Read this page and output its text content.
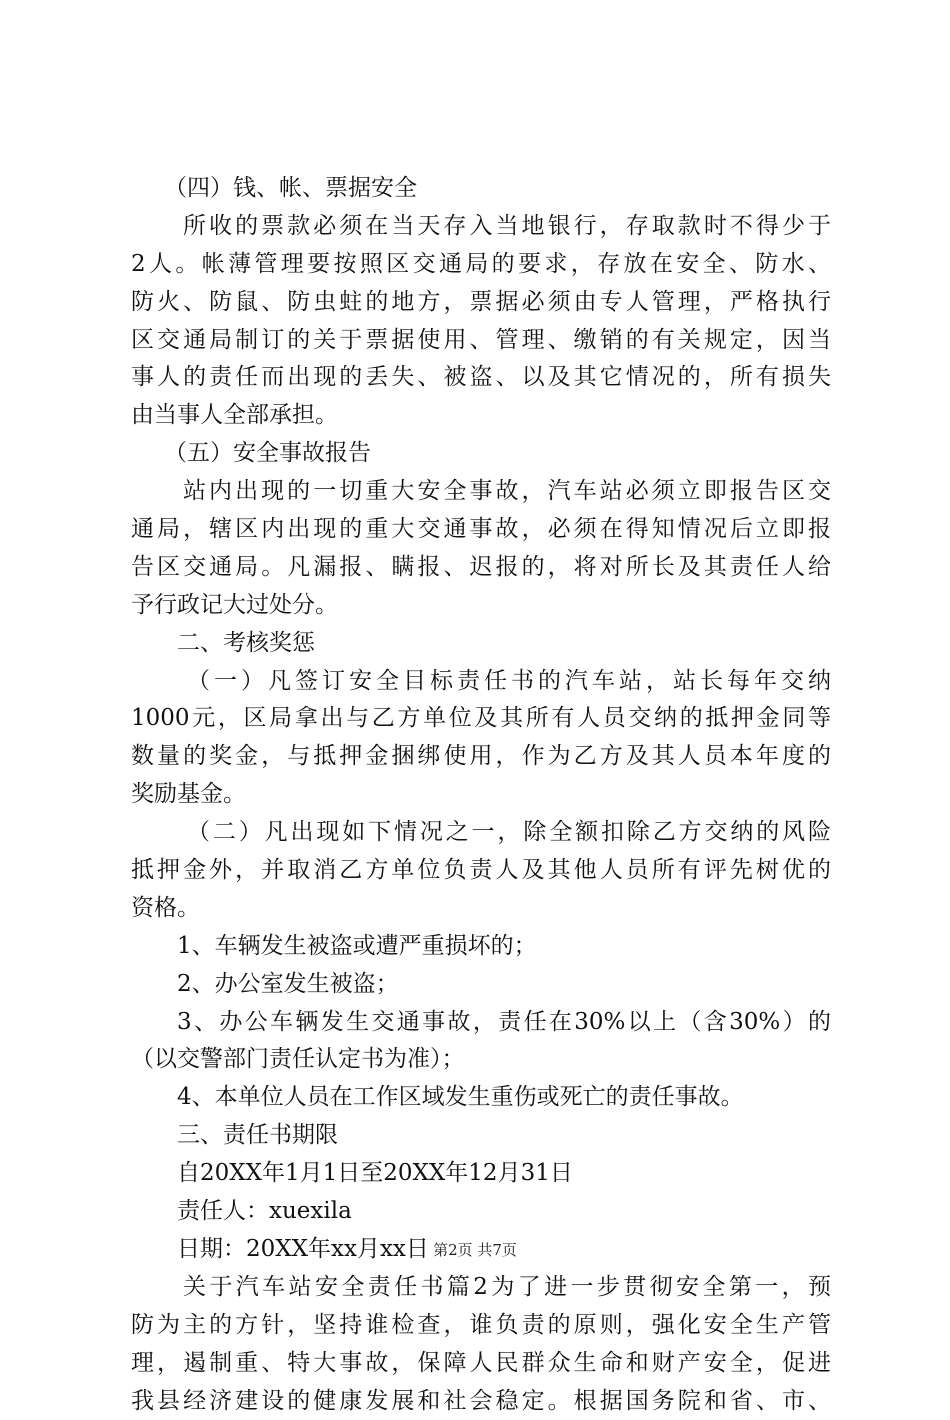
（四）钱、帐、票据安全
所收的票款必须在当天存入当地银行，存取款时不得少于
2人。帐薄管理要按照区交通局的要求，存放在安全、防水、
防火、防鼠、防虫蛀的地方，票据必须由专人管理，严格执行
区交通局制订的关于票据使用、管理、缴销的有关规定，因当
事人的责任而出现的丢失、被盗、以及其它情况的，所有损失
由当事人全部承担。
（五）安全事故报告
站内出现的一切重大安全事故，汽车站必须立即报告区交
通局，辖区内出现的重大交通事故，必须在得知情况后立即报
告区交通局。凡漏报、瞒报、迟报的，将对所长及其责任人给
予行政记大过处分。
二、考核奖惩
（一）凡签订安全目标责任书的汽车站，站长每年交纳
1000元，区局拿出与乙方单位及其所有人员交纳的抵押金同等
数量的奖金，与抵押金捆绑使用，作为乙方及其人员本年度的
奖励基金。
（二）凡出现如下情况之一，除全额扣除乙方交纳的风险
抵押金外，并取消乙方单位负责人及其他人员所有评先树优的
资格。
1、车辆发生被盗或遭严重损坏的；
2、办公室发生被盗；
3、办公车辆发生交通事故，责任在30%以上（含30%）的
（以交警部门责任认定书为准）；
4、本单位人员在工作区域发生重伤或死亡的责任事故。
三、责任书期限
自20XX年1月1日至20XX年12月31日
责任人：xuexila
日期：20XX年xx月xx日
关于汽车站安全责任书篇2为了进一步贯彻安全第一，预
防为主的方针，坚持谁检查，谁负责的原则，强化安全生产管
理，遏制重、特大事故，保障人民群众生命和财产安全，促进
我县经济建设的健康发展和社会稳定。根据国务院和省、市、
第2页 共7页
